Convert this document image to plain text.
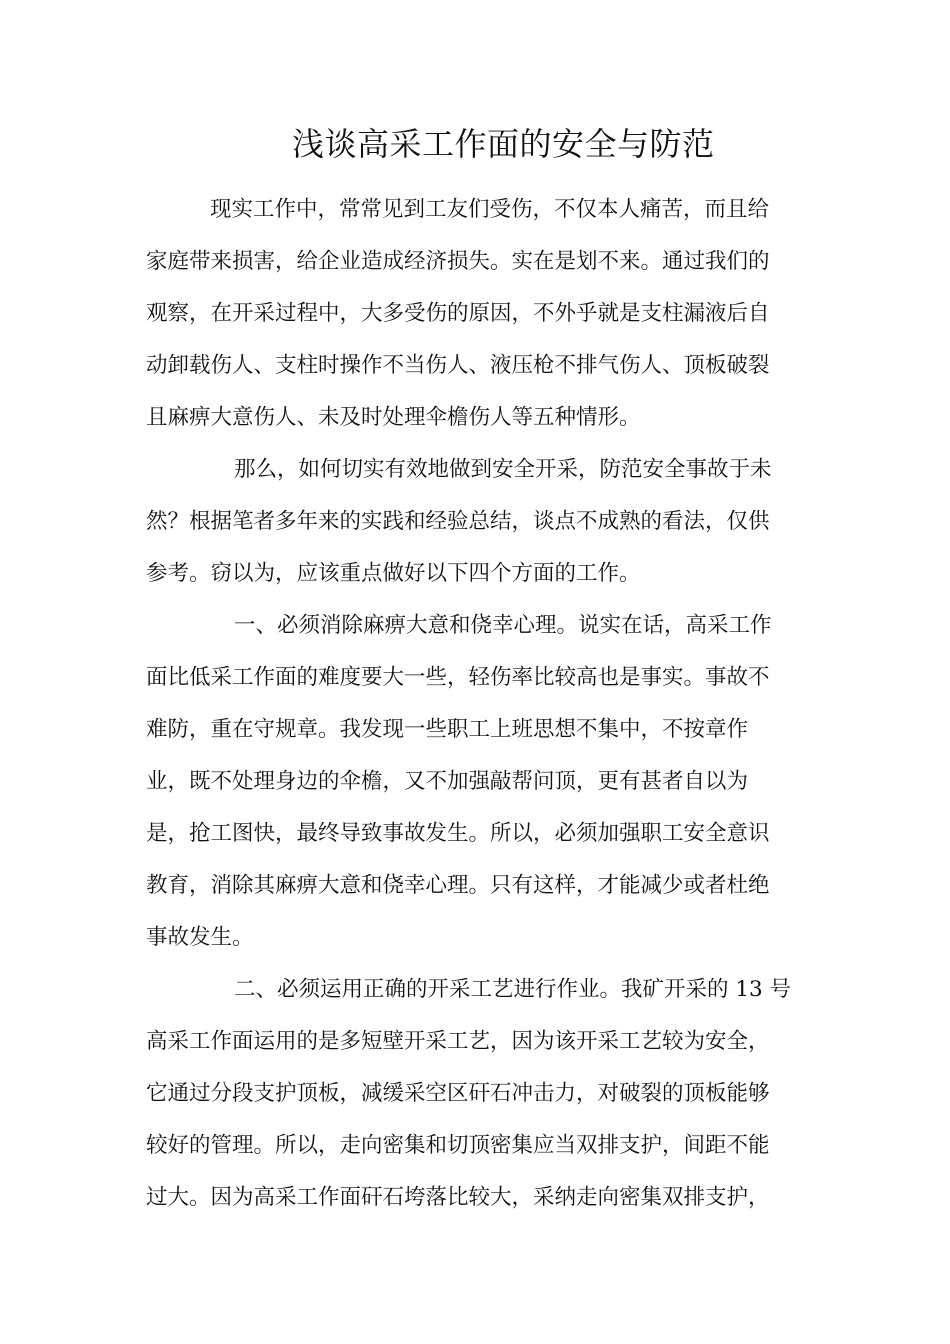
浅谈高采工作面的安全与防范
现实工作中，常常见到工友们受伤，不仅本人痛苦，而且给
家庭带来损害，给企业造成经济损失。实在是划不来。通过我们的
观察，在开采过程中，大多受伤的原因，不外乎就是支柱漏液后自
动卸载伤人、支柱时操作不当伤人、液压枪不排气伤人、顶板破裂
且麻痹大意伤人、未及时处理伞檐伤人等五种情形。
那么，如何切实有效地做到安全开采，防范安全事故于未
然？根据笔者多年来的实践和经验总结，谈点不成熟的看法，仅供
参考。窃以为，应该重点做好以下四个方面的工作。
一、必须消除麻痹大意和侥幸心理。说实在话，高采工作
面比低采工作面的难度要大一些，轻伤率比较高也是事实。事故不
难防，重在守规章。我发现一些职工上班思想不集中，不按章作
业，既不处理身边的伞檐，又不加强敲帮问顶，更有甚者自以为
是，抢工图快，最终导致事故发生。所以，必须加强职工安全意识
教育，消除其麻痹大意和侥幸心理。只有这样，才能减少或者杜绝
事故发生。
二、必须运用正确的开采工艺进行作业。我矿开采的 13 号
高采工作面运用的是多短壁开采工艺，因为该开采工艺较为安全，
它通过分段支护顶板，减缓采空区矸石冲击力，对破裂的顶板能够
较好的管理。所以，走向密集和切顶密集应当双排支护，间距不能
过大。因为高采工作面矸石垮落比较大，采纳走向密集双排支护，
